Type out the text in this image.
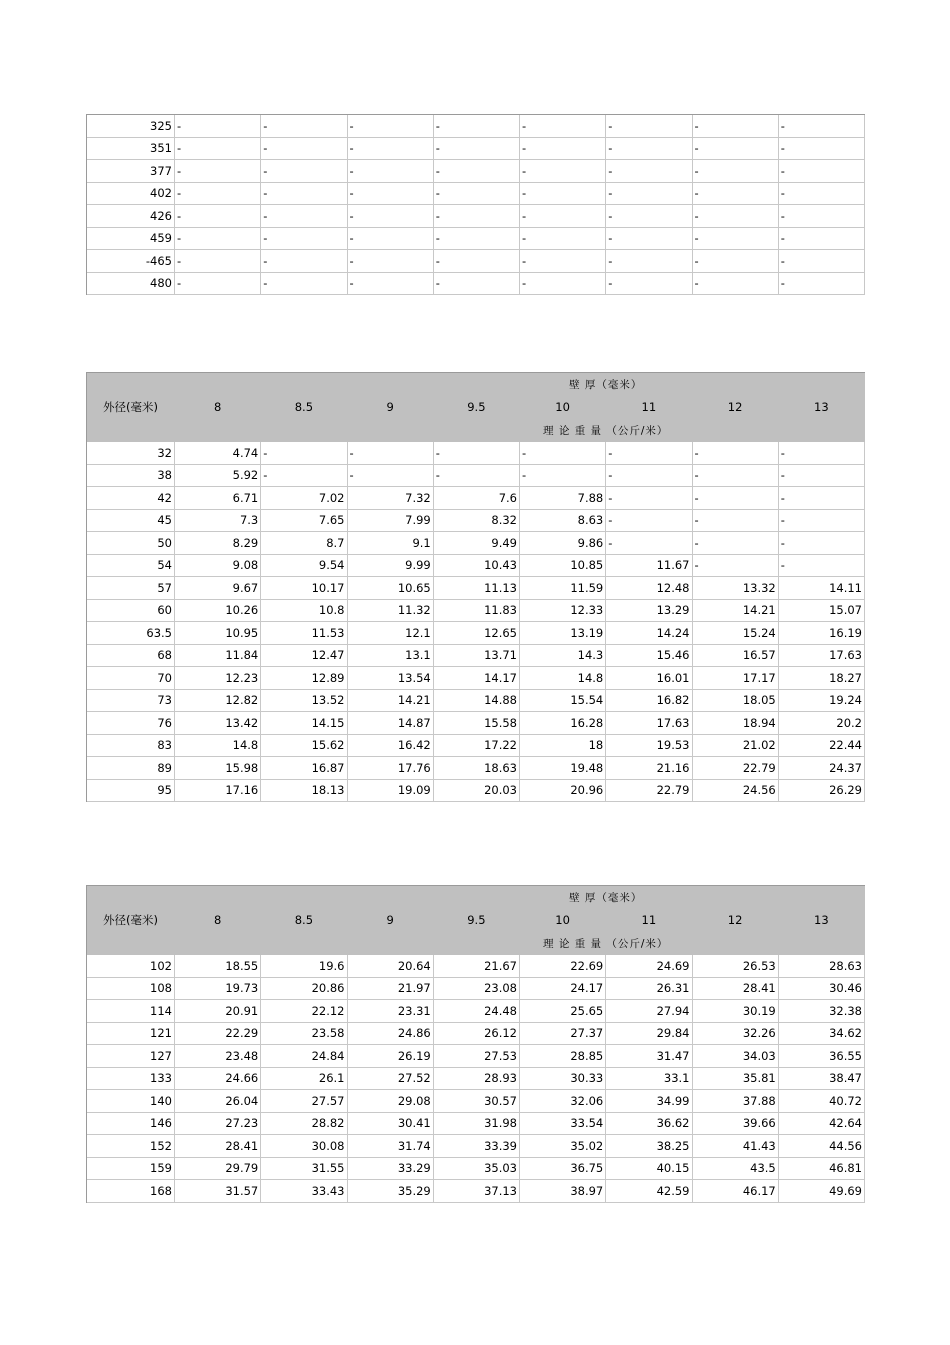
325	-	-	-	-	-	-	-	-
351	-	-	-	-	-	-	-	-
377	-	-	-	-	-	-	-	-
402	-	-	-	-	-	-	-	-
426	-	-	-	-	-	-	-	-
459	-	-	-	-	-	-	-	-
-465	-	-	-	-	-	-	-	-
480	-	-	-	-	-	-	-	-
					壁 厚（毫米）			
外径(毫米)	8	8.5	9	9.5	10	11	12	13
					理 论 重 量 （公斤/米）			
32	4.74	-	-	-	-	-	-	-
38	5.92	-	-	-	-	-	-	-
42	6.71	7.02	7.32	7.6	7.88	-	-	-
45	7.3	7.65	7.99	8.32	8.63	-	-	-
50	8.29	8.7	9.1	9.49	9.86	-	-	-
54	9.08	9.54	9.99	10.43	10.85	11.67	-	-
57	9.67	10.17	10.65	11.13	11.59	12.48	13.32	14.11
60	10.26	10.8	11.32	11.83	12.33	13.29	14.21	15.07
63.5	10.95	11.53	12.1	12.65	13.19	14.24	15.24	16.19
68	11.84	12.47	13.1	13.71	14.3	15.46	16.57	17.63
70	12.23	12.89	13.54	14.17	14.8	16.01	17.17	18.27
73	12.82	13.52	14.21	14.88	15.54	16.82	18.05	19.24
76	13.42	14.15	14.87	15.58	16.28	17.63	18.94	20.2
83	14.8	15.62	16.42	17.22	18	19.53	21.02	22.44
89	15.98	16.87	17.76	18.63	19.48	21.16	22.79	24.37
95	17.16	18.13	19.09	20.03	20.96	22.79	24.56	26.29
					壁 厚（毫米）			
外径(毫米)	8	8.5	9	9.5	10	11	12	13
					理 论 重 量 （公斤/米）			
102	18.55	19.6	20.64	21.67	22.69	24.69	26.53	28.63
108	19.73	20.86	21.97	23.08	24.17	26.31	28.41	30.46
114	20.91	22.12	23.31	24.48	25.65	27.94	30.19	32.38
121	22.29	23.58	24.86	26.12	27.37	29.84	32.26	34.62
127	23.48	24.84	26.19	27.53	28.85	31.47	34.03	36.55
133	24.66	26.1	27.52	28.93	30.33	33.1	35.81	38.47
140	26.04	27.57	29.08	30.57	32.06	34.99	37.88	40.72
146	27.23	28.82	30.41	31.98	33.54	36.62	39.66	42.64
152	28.41	30.08	31.74	33.39	35.02	38.25	41.43	44.56
159	29.79	31.55	33.29	35.03	36.75	40.15	43.5	46.81
168	31.57	33.43	35.29	37.13	38.97	42.59	46.17	49.69
